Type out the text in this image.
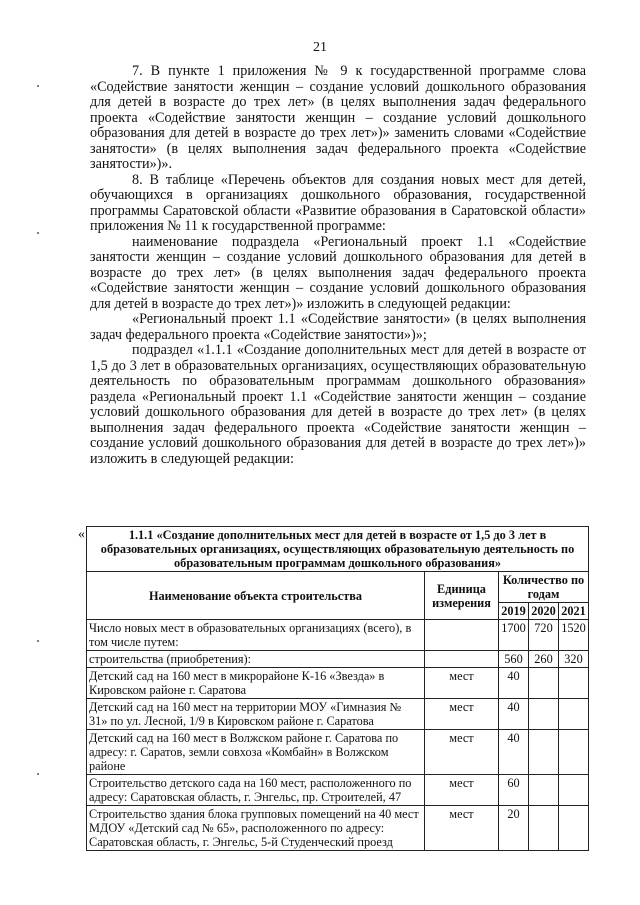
21

7. В пункте 1 приложения № 9 к государственной программе слова «Содействие занятости женщин – создание условий дошкольного образования для детей в возрасте до трех лет» (в целях выполнения задач федерального проекта «Содействие занятости женщин – создание условий дошкольного образования для детей в возрасте до трех лет»)» заменить словами «Содействие занятости» (в целях выполнения задач федерального проекта «Содействие занятости»)».

8. В таблице «Перечень объектов для создания новых мест для детей, обучающихся в организациях дошкольного образования, государственной программы Саратовской области «Развитие образования в Саратовской области» приложения № 11 к государственной программе:

наименование подраздела «Региональный проект 1.1 «Содействие занятости женщин – создание условий дошкольного образования для детей в возрасте до трех лет» (в целях выполнения задач федерального проекта «Содействие занятости женщин – создание условий дошкольного образования для детей в возрасте до трех лет»)» изложить в следующей редакции:

«Региональный проект 1.1 «Содействие занятости» (в целях выполнения задач федерального проекта «Содействие занятости»)»;

подраздел «1.1.1 «Создание дополнительных мест для детей в возрасте от 1,5 до 3 лет в образовательных организациях, осуществляющих образовательную деятельность по образовательным программам дошкольного образования» раздела «Региональный проект 1.1 «Содействие занятости женщин – создание условий дошкольного образования для детей в возрасте до трех лет» (в целях выполнения задач федерального проекта «Содействие занятости женщин – создание условий дошкольного образования для детей в возрасте до трех лет»)» изложить в следующей редакции:

«	1.1.1 «Создание дополнительных мест для детей в возрасте от 1,5 до 3 лет в образовательных организациях, осуществляющих образовательную деятельность по образовательным программам дошкольного образования»				
Наименование объекта строительства	Единица измерения	Количество по годам		
		2019	2020	2021
Число новых мест в образовательных организациях (всего), в том числе путем:		1700	720	1520
строительства (приобретения):		560	260	320
Детский сад на 160 мест в микрорайоне К-16 «Звезда» в Кировском районе г. Саратова	мест	40		
Детский сад на 160 мест на территории МОУ «Гимназия № 31» по ул. Лесной, 1/9 в Кировском районе г. Саратова	мест	40		
Детский сад на 160 мест в Волжском районе г. Саратова по адресу: г. Саратов, земли совхоза «Комбайн» в Волжском районе	мест	40		
Строительство детского сада на 160 мест, расположенного по адресу: Саратовская область, г. Энгельс, пр. Строителей, 47	мест	60		
Строительство здания блока групповых помещений на 40 мест МДОУ «Детский сад № 65», расположенного по адресу: Саратовская область, г. Энгельс, 5-й Студенческий проезд	мест	20		
